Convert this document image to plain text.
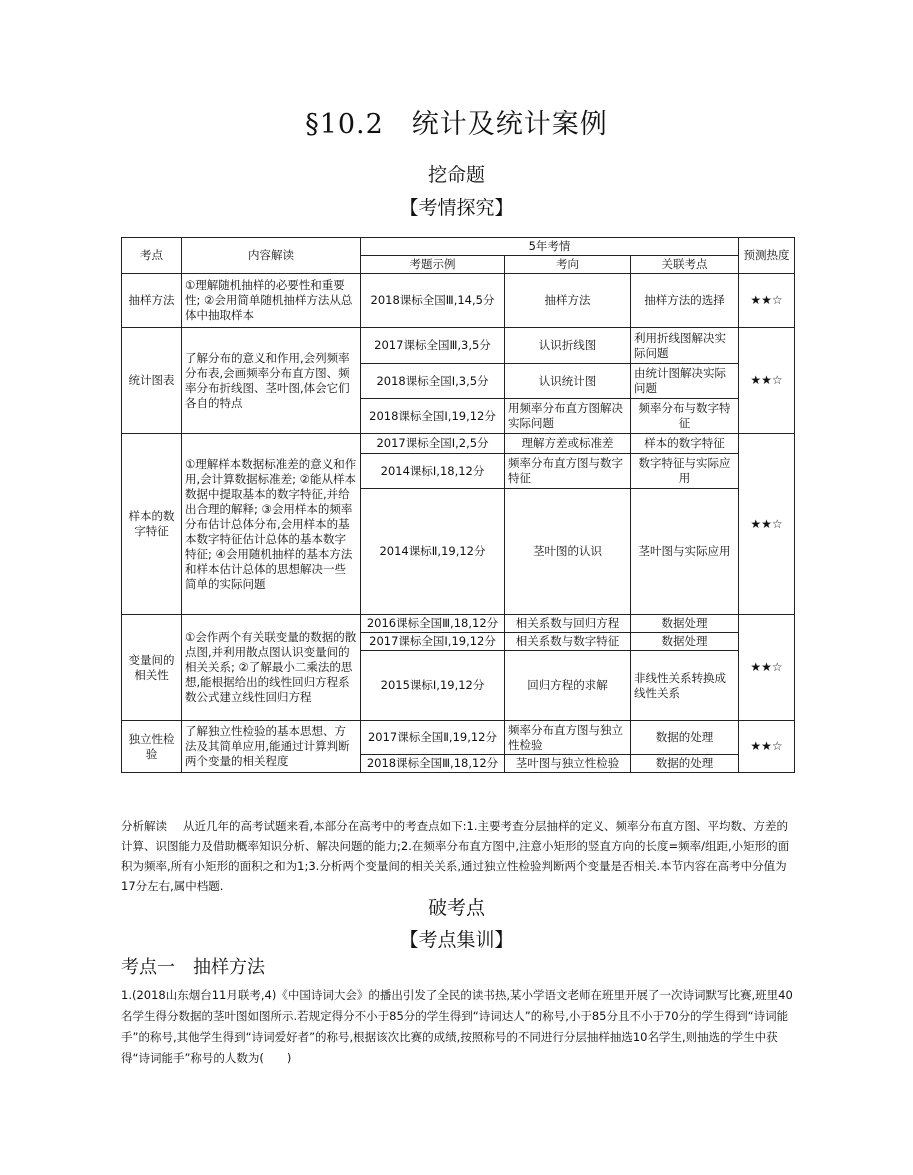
§10.2　统计及统计案例
挖命题
【考情探究】
考点	内容解读	5年考情			预测热度
		考题示例	考向	关联考点	
抽样方法	①理解随机抽样的必要性和重要性; ②会用简单随机抽样方法从总体中抽取样本	2018课标全国Ⅲ,14,5分	抽样方法	抽样方法的选择	★★☆
统计图表	了解分布的意义和作用,会列频率分布表,会画频率分布直方图、频率分布折线图、茎叶图,体会它们各自的特点	2017课标全国Ⅲ,3,5分	认识折线图	利用折线图解决实际问题	★★☆
		2018课标全国Ⅰ,3,5分	认识统计图	由统计图解决实际问题	
		2018课标全国Ⅰ,19,12分	用频率分布直方图解决实际问题	频率分布与数字特征	
样本的数字特征	①理解样本数据标准差的意义和作用,会计算数据标准差; ②能从样本数据中提取基本的数字特征,并给出合理的解释; ③会用样本的频率分布估计总体分布,会用样本的基本数字特征估计总体的基本数字特征; ④会用随机抽样的基本方法和样本估计总体的思想解决一些简单的实际问题	2017课标全国Ⅰ,2,5分	理解方差或标准差	样本的数字特征	★★☆
		2014课标Ⅰ,18,12分	频率分布直方图与数字特征	数字特征与实际应用	
		2014课标Ⅱ,19,12分	茎叶图的认识	茎叶图与实际应用	
变量间的相关性	①会作两个有关联变量的数据的散点图,并利用散点图认识变量间的相关关系; ②了解最小二乘法的思想,能根据给出的线性回归方程系数公式建立线性回归方程	2016课标全国Ⅲ,18,12分	相关系数与回归方程	数据处理	★★☆
		2017课标全国Ⅰ,19,12分	相关系数与数字特征	数据处理	
		2015课标Ⅰ,19,12分	回归方程的求解	非线性关系转换成线性关系	
独立性检验	了解独立性检验的基本思想、方法及其简单应用,能通过计算判断两个变量的相关程度	2017课标全国Ⅱ,19,12分	频率分布直方图与独立性检验	数据的处理	★★☆
		2018课标全国Ⅲ,18,12分	茎叶图与独立性检验	数据的处理	
分析解读 从近几年的高考试题来看,本部分在高考中的考查点如下:1.主要考查分层抽样的定义、频率分布直方图、平均数、方差的计算、识图能力及借助概率知识分析、解决问题的能力;2.在频率分布直方图中,注意小矩形的竖直方向的长度=频率/组距,小矩形的面积为频率,所有小矩形的面积之和为1;3.分析两个变量间的相关关系,通过独立性检验判断两个变量是否相关.本节内容在高考中分值为17分左右,属中档题.
破考点
【考点集训】
考点一　抽样方法
1.(2018山东烟台11月联考,4)《中国诗词大会》的播出引发了全民的读书热,某小学语文老师在班里开展了一次诗词默写比赛,班里40名学生得分数据的茎叶图如图所示.若规定得分不小于85分的学生得到“诗词达人”的称号,小于85分且不小于70分的学生得到“诗词能手”的称号,其他学生得到“诗词爱好者”的称号,根据该次比赛的成绩,按照称号的不同进行分层抽样抽选10名学生,则抽选的学生中获得“诗词能手”称号的人数为(　　)
